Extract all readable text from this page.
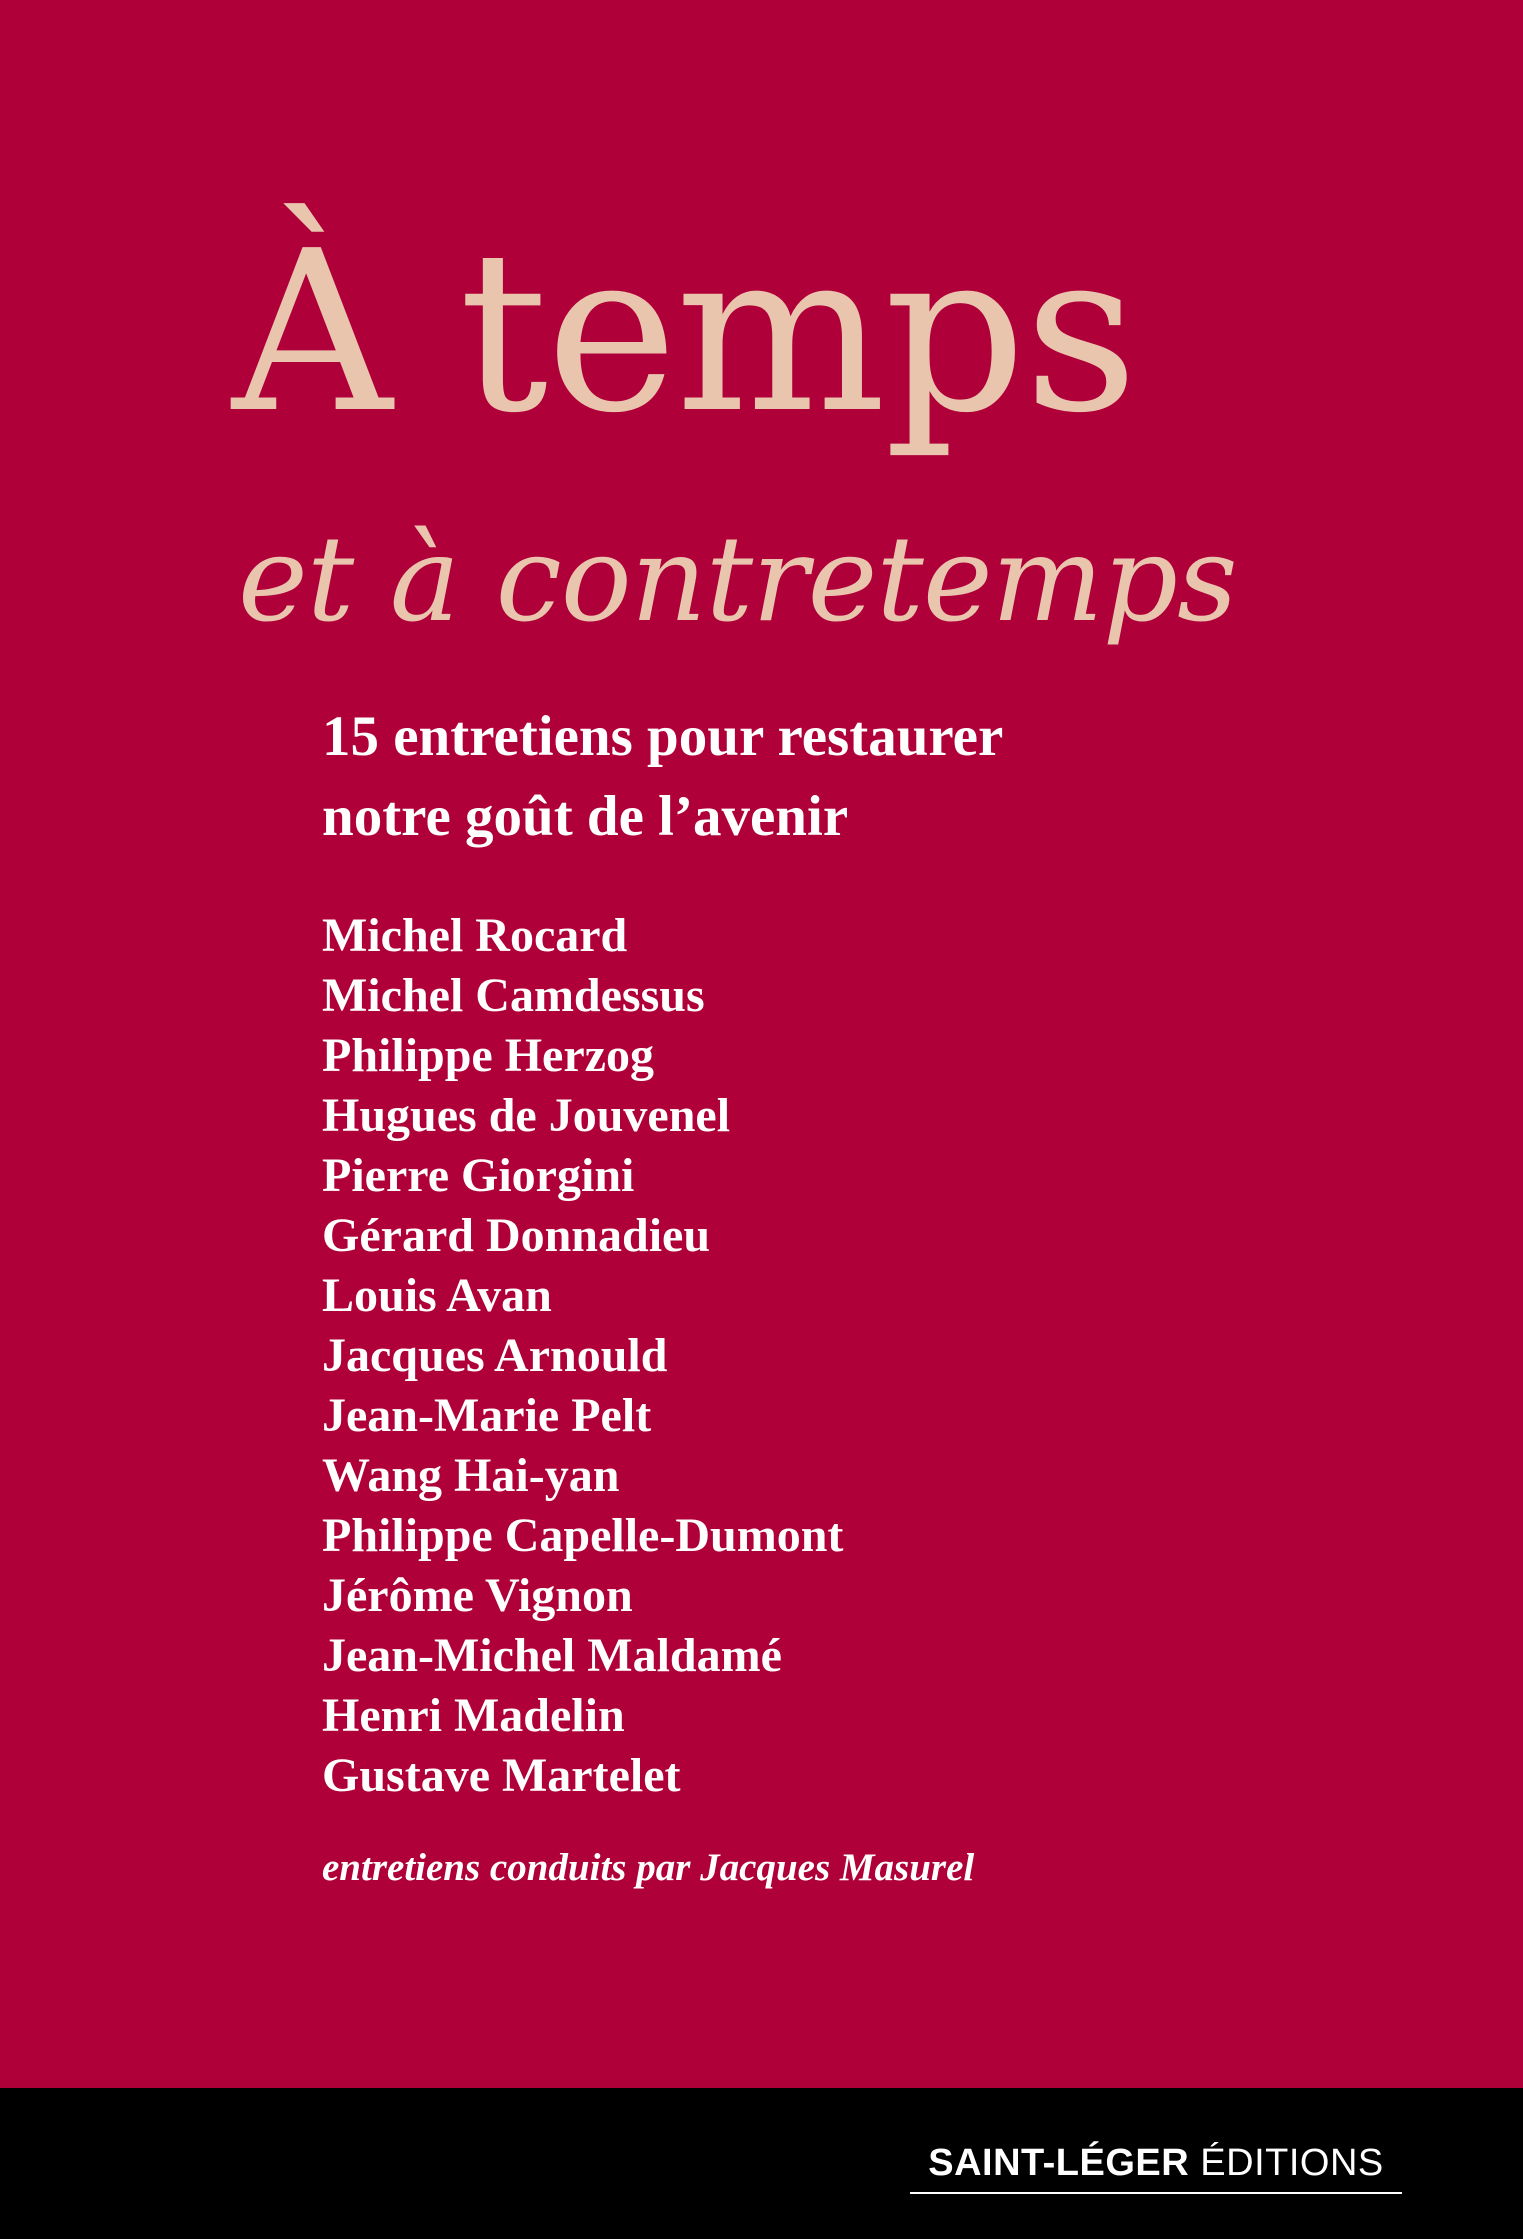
À temps
et à contretemps

15 entretiens pour restaurer
notre goût de l’avenir

Michel Rocard
Michel Camdessus
Philippe Herzog
Hugues de Jouvenel
Pierre Giorgini
Gérard Donnadieu
Louis Avan
Jacques Arnould
Jean-Marie Pelt
Wang Hai-yan
Philippe Capelle-Dumont
Jérôme Vignon
Jean-Michel Maldamé
Henri Madelin
Gustave Martelet

entretiens conduits par Jacques Masurel

SAINT-LÉGER ÉDITIONS
